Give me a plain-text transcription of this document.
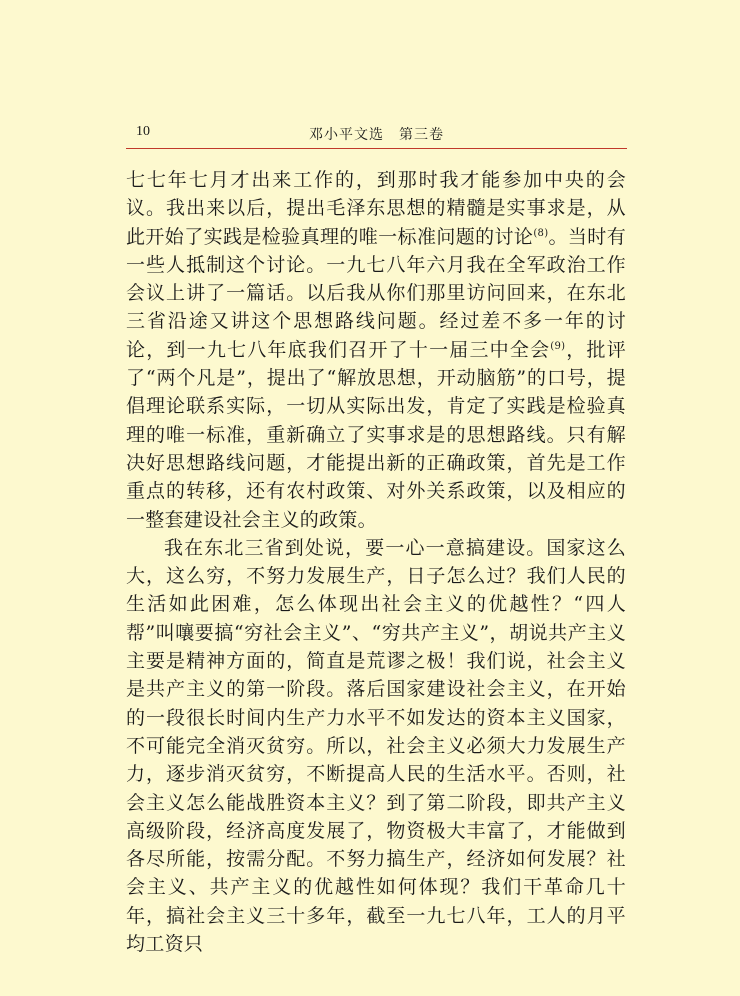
10	邓小平文选　第三卷

七七年七月才出来工作的，到那时我才能参加中央的会议。我出来以后，提出毛泽东思想的精髓是实事求是，从此开始了实践是检验真理的唯一标准问题的讨论$^{(8)}$。当时有一些人抵制这个讨论。一九七八年六月我在全军政治工作会议上讲了一篇话。以后我从你们那里访问回来，在东北三省沿途又讲这个思想路线问题。经过差不多一年的讨论，到一九七八年底我们召开了十一届三中全会$^{(9)}$，批评了“两个凡是”，提出了“解放思想，开动脑筋”的口号，提倡理论联系实际，一切从实际出发，肯定了实践是检验真理的唯一标准，重新确立了实事求是的思想路线。只有解决好思想路线问题，才能提出新的正确政策，首先是工作重点的转移，还有农村政策、对外关系政策，以及相应的一整套建设社会主义的政策。

我在东北三省到处说，要一心一意搞建设。国家这么大，这么穷，不努力发展生产，日子怎么过？我们人民的生活如此困难，怎么体现出社会主义的优越性？“四人帮”叫嚷要搞“穷社会主义”、“穷共产主义”，胡说共产主义主要是精神方面的，简直是荒谬之极！我们说，社会主义是共产主义的第一阶段。落后国家建设社会主义，在开始的一段很长时间内生产力水平不如发达的资本主义国家，不可能完全消灭贫穷。所以，社会主义必须大力发展生产力，逐步消灭贫穷，不断提高人民的生活水平。否则，社会主义怎么能战胜资本主义？到了第二阶段，即共产主义高级阶段，经济高度发展了，物资极大丰富了，才能做到各尽所能，按需分配。不努力搞生产，经济如何发展？社会主义、共产主义的优越性如何体现？我们干革命几十年，搞社会主义三十多年，截至一九七八年，工人的月平均工资只
